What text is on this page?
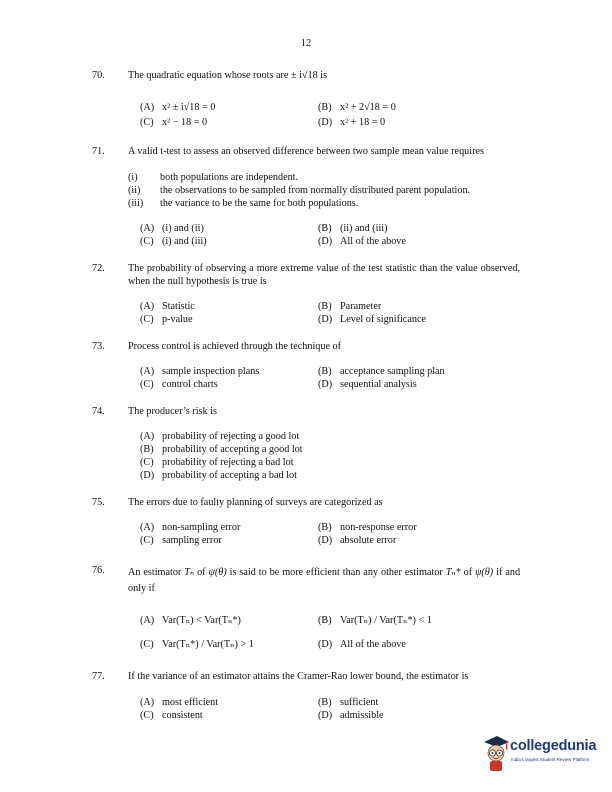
12
70. The quadratic equation whose roots are ± i√18 is
(A) x² ± i√18 = 0	(B) x² + 2√18 = 0
(C) x² − 18 = 0	(D) x² + 18 = 0
71. A valid t-test to assess an observed difference between two sample mean value requires
(i) both populations are independent.
(ii) the observations to be sampled from normally distributed parent population.
(iii) the variance to be the same for both populations.
(A) (i) and (ii)	(B) (ii) and (iii)
(C) (i) and (iii)	(D) All of the above
72. The probability of observing a more extreme value of the test statistic than the value observed, when the null hypothesis is true is
(A) Statistic	(B) Parameter
(C) p-value	(D) Level of significance
73. Process control is achieved through the technique of
(A) sample inspection plans	(B) acceptance sampling plan
(C) control charts	(D) sequential analysis
74. The producer’s risk is
(A) probability of rejecting a good lot
(B) probability of accepting a good lot
(C) probability of rejecting a bad lot
(D) probability of accepting a bad lot
75. The errors due to faulty planning of surveys are categorized as
(A) non-sampling error	(B) non-response error
(C) sampling error	(D) absolute error
76. An estimator Tₙ of ψ(θ) is said to be more efficient than any other estimator Tₙ* of ψ(θ) if and only if
(A) Var(Tₙ) < Var(Tₙ*)	(B) Var(Tₙ) / Var(Tₙ*) < 1
(C) Var(Tₙ*) / Var(Tₙ) > 1	(D) All of the above
77. If the variance of an estimator attains the Cramer-Rao lower bound, the estimator is
(A) most efficient	(B) sufficient
(C) consistent	(D) admissible
collegedunia
India's largest Student Review Platform
